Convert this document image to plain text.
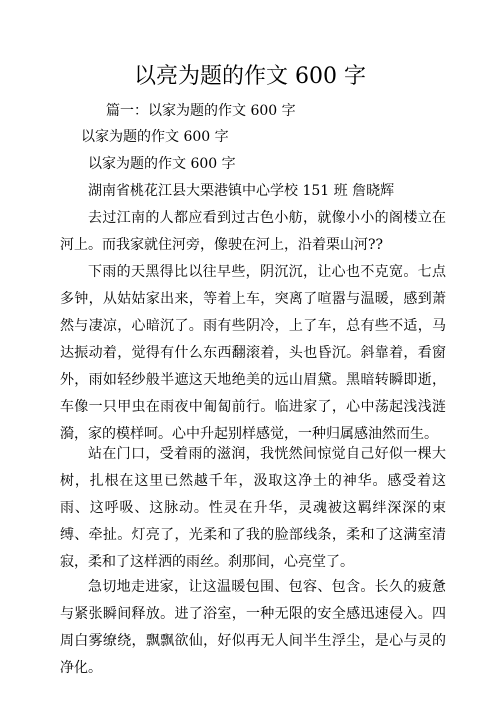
以亮为题的作文 600 字
篇一：以家为题的作文 600 字
以家为题的作文 600 字
以家为题的作文 600 字
湖南省桃花江县大栗港镇中心学校 151 班 詹晓辉
去过江南的人都应看到过古色小舫，就像小小的阁楼立在河上。而我家就住河旁，像驶在河上，沿着栗山河??
下雨的天黑得比以往早些，阴沉沉，让心也不克宽。七点多钟，从姑姑家出来，等着上车，突离了喧嚣与温暖，感到萧然与凄凉，心暗沉了。雨有些阴冷，上了车，总有些不适，马达振动着，觉得有什么东西翻滚着，头也昏沉。斜靠着，看窗外，雨如轻纱般半遮这天地绝美的远山眉黛。黑暗转瞬即逝，车像一只甲虫在雨夜中匍匐前行。临进家了，心中荡起浅浅涟漪，家的模样呵。心中升起别样感觉，一种归属感油然而生。
站在门口，受着雨的滋润，我恍然间惊觉自己好似一棵大树，扎根在这里已然越千年，汲取这净土的神华。感受着这雨、这呼吸、这脉动。性灵在升华，灵魂被这羁绊深深的束缚、牵扯。灯亮了，光柔和了我的脸部线条，柔和了这满室清寂，柔和了这样洒的雨丝。刹那间，心亮堂了。
急切地走进家，让这温暖包围、包容、包含。长久的疲惫与紧张瞬间释放。进了浴室，一种无限的安全感迅速侵入。四周白雾缭绕，飘飘欲仙，好似再无人间半生浮尘，是心与灵的净化。
